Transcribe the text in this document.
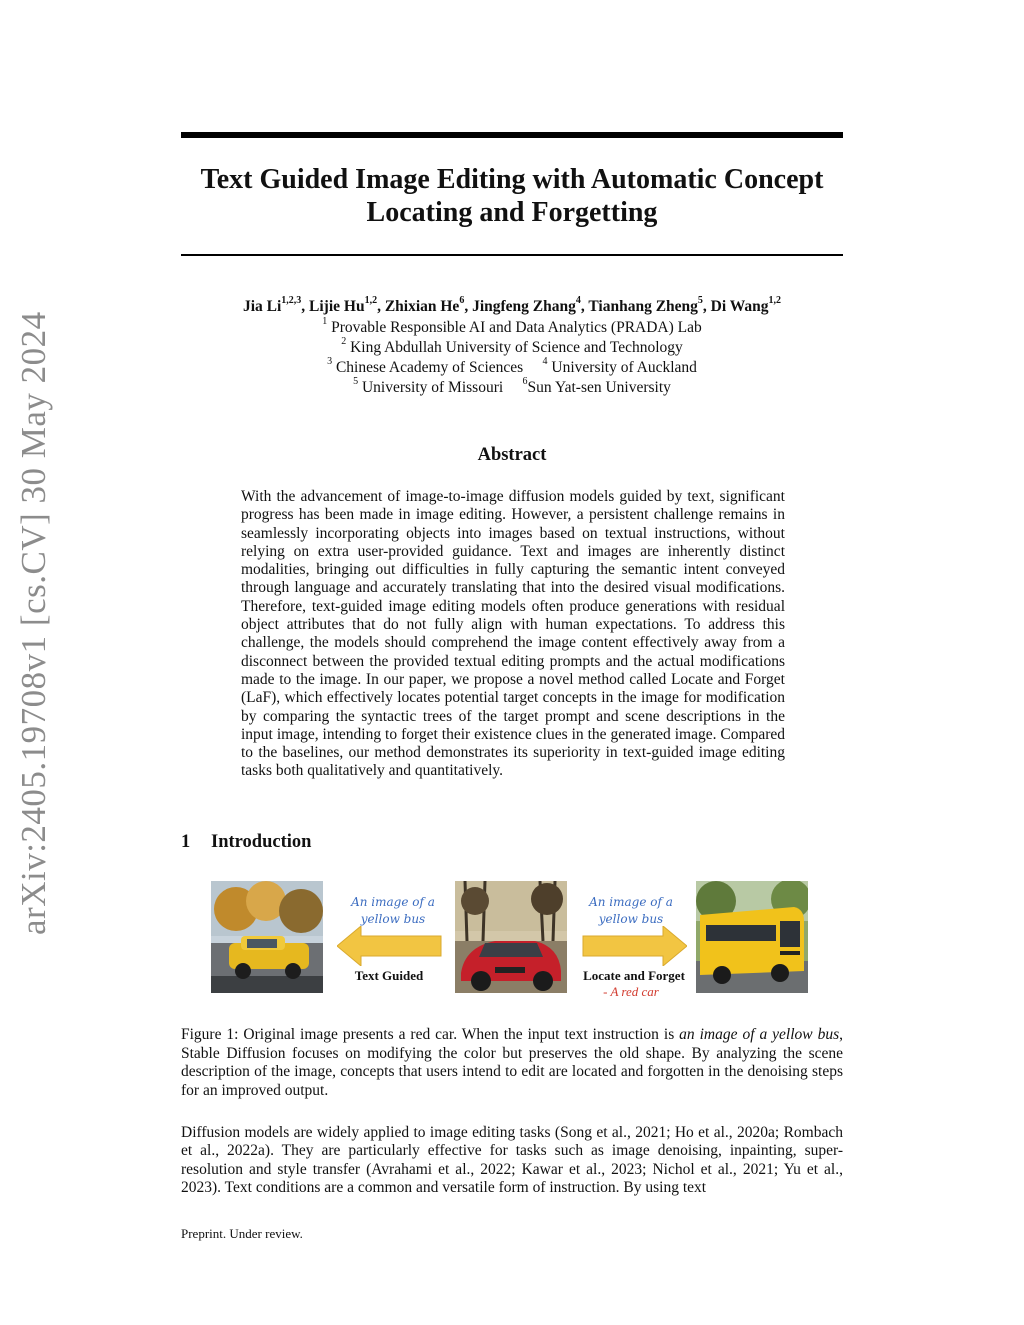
arXiv:2405.19708v1 [cs.CV] 30 May 2024
Text Guided Image Editing with Automatic Concept
Locating and Forgetting
Jia Li$^{1,2,3}$, Lijie Hu$^{1,2}$, Zhixian He$^6$, Jingfeng Zhang$^4$, Tianhang Zheng$^5$, Di Wang$^{1,2}$
$^1$ Provable Responsible AI and Data Analytics (PRADA) Lab
$^2$ King Abdullah University of Science and Technology
$^3$ Chinese Academy of Sciences $^4$ University of Auckland
$^5$ University of Missouri $^6$Sun Yat-sen University
Abstract

With the advancement of image-to-image diffusion models guided by text, significant progress has been made in image editing. However, a persistent challenge remains in seamlessly incorporating objects into images based on textual instructions, without relying on extra user-provided guidance. Text and images are inherently distinct modalities, bringing out difficulties in fully capturing the semantic intent conveyed through language and accurately translating that into the desired visual modifications. Therefore, text-guided image editing models often produce generations with residual object attributes that do not fully align with human expectations. To address this challenge, the models should comprehend the image content effectively away from a disconnect between the provided textual editing prompts and the actual modifications made to the image. In our paper, we propose a novel method called Locate and Forget (LaF), which effectively locates potential target concepts in the image for modification by comparing the syntactic trees of the target prompt and scene descriptions in the input image, intending to forget their existence clues in the generated image. Compared to the baselines, our method demonstrates its superiority in text-guided image editing tasks both qualitatively and quantitatively.

1 Introduction
An image of a
yellow bus
Text Guided
An image of a
yellow bus
Locate and Forget
- A red car
Figure 1: Original image presents a red car. When the input text instruction is an image of a yellow bus, Stable Diffusion focuses on modifying the color but preserves the old shape. By analyzing the scene description of the image, concepts that users intend to edit are located and forgotten in the denoising steps for an improved output.
Diffusion models are widely applied to image editing tasks (Song et al., 2021; Ho et al., 2020a; Rombach et al., 2022a). They are particularly effective for tasks such as image denoising, inpainting, super-resolution and style transfer (Avrahami et al., 2022; Kawar et al., 2023; Nichol et al., 2021; Yu et al., 2023). Text conditions are a common and versatile form of instruction. By using text
Preprint. Under review.
